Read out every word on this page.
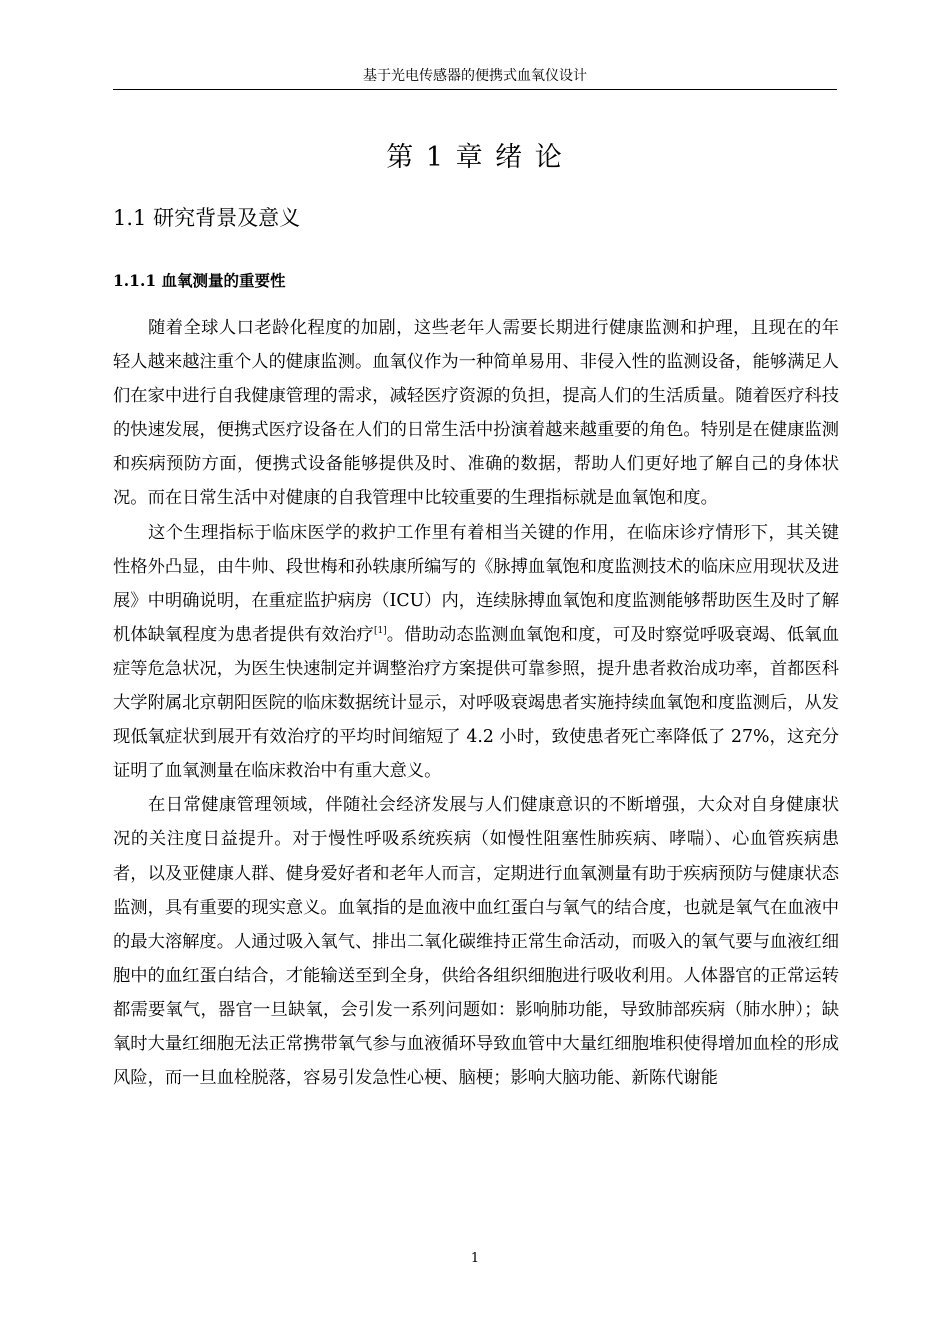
基于光电传感器的便携式血氧仪设计
第 1 章 绪 论
1.1 研究背景及意义
1.1.1 血氧测量的重要性

随着全球人口老龄化程度的加剧，这些老年人需要长期进行健康监测和护理，且现在的年轻人越来越注重个人的健康监测。血氧仪作为一种简单易用、非侵入性的监测设备，能够满足人们在家中进行自我健康管理的需求，减轻医疗资源的负担，提高人们的生活质量。随着医疗科技的快速发展，便携式医疗设备在人们的日常生活中扮演着越来越重要的角色。特别是在健康监测和疾病预防方面，便携式设备能够提供及时、准确的数据，帮助人们更好地了解自己的身体状况。而在日常生活中对健康的自我管理中比较重要的生理指标就是血氧饱和度。

这个生理指标于临床医学的救护工作里有着相当关键的作用，在临床诊疗情形下，其关键性格外凸显，由牛帅、段世梅和孙轶康所编写的《脉搏血氧饱和度监测技术的临床应用现状及进展》中明确说明，在重症监护病房（ICU）内，连续脉搏血氧饱和度监测能够帮助医生及时了解机体缺氧程度为患者提供有效治疗[1]。借助动态监测血氧饱和度，可及时察觉呼吸衰竭、低氧血症等危急状况，为医生快速制定并调整治疗方案提供可靠参照，提升患者救治成功率，首都医科大学附属北京朝阳医院的临床数据统计显示，对呼吸衰竭患者实施持续血氧饱和度监测后，从发现低氧症状到展开有效治疗的平均时间缩短了 4.2 小时，致使患者死亡率降低了 27%，这充分证明了血氧测量在临床救治中有重大意义。

在日常健康管理领域，伴随社会经济发展与人们健康意识的不断增强，大众对自身健康状况的关注度日益提升。对于慢性呼吸系统疾病（如慢性阻塞性肺疾病、哮喘）、心血管疾病患者，以及亚健康人群、健身爱好者和老年人而言，定期进行血氧测量有助于疾病预防与健康状态监测，具有重要的现实意义。血氧指的是血液中血红蛋白与氧气的结合度，也就是氧气在血液中的最大溶解度。人通过吸入氧气、排出二氧化碳维持正常生命活动，而吸入的氧气要与血液红细胞中的血红蛋白结合，才能输送至到全身，供给各组织细胞进行吸收利用。人体器官的正常运转都需要氧气，器官一旦缺氧，会引发一系列问题如：影响肺功能，导致肺部疾病（肺水肿）；缺氧时大量红细胞无法正常携带氧气参与血液循环导致血管中大量红细胞堆积使得增加血栓的形成风险，而一旦血栓脱落，容易引发急性心梗、脑梗；影响大脑功能、新陈代谢能

1
